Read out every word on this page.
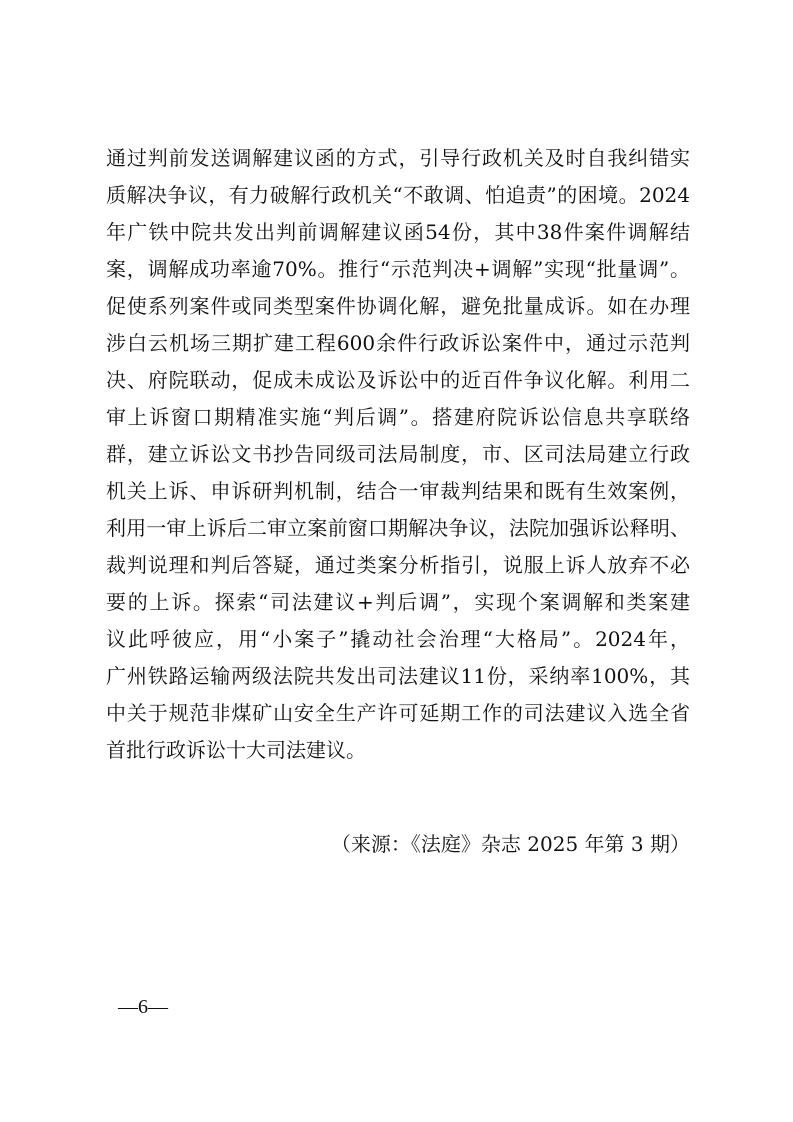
通过判前发送调解建议函的方式，引导行政机关及时自我纠错实
质解决争议，有力破解行政机关“不敢调、怕追责”的困境。2024
年广铁中院共发出判前调解建议函54份，其中38件案件调解结
案，调解成功率逾70%。推行“示范判决+调解”实现“批量调”。
促使系列案件或同类型案件协调化解，避免批量成诉。如在办理
涉白云机场三期扩建工程600余件行政诉讼案件中，通过示范判
决、府院联动，促成未成讼及诉讼中的近百件争议化解。利用二
审上诉窗口期精准实施“判后调”。搭建府院诉讼信息共享联络
群，建立诉讼文书抄告同级司法局制度，市、区司法局建立行政
机关上诉、申诉研判机制，结合一审裁判结果和既有生效案例，
利用一审上诉后二审立案前窗口期解决争议，法院加强诉讼释明、
裁判说理和判后答疑，通过类案分析指引，说服上诉人放弃不必
要的上诉。探索“司法建议+判后调”，实现个案调解和类案建
议此呼彼应，用“小案子”撬动社会治理“大格局”。2024年，
广州铁路运输两级法院共发出司法建议11份，采纳率100%，其
中关于规范非煤矿山安全生产许可延期工作的司法建议入选全省
首批行政诉讼十大司法建议。
（来源：《法庭》杂志 2025 年第 3 期）
—6—
